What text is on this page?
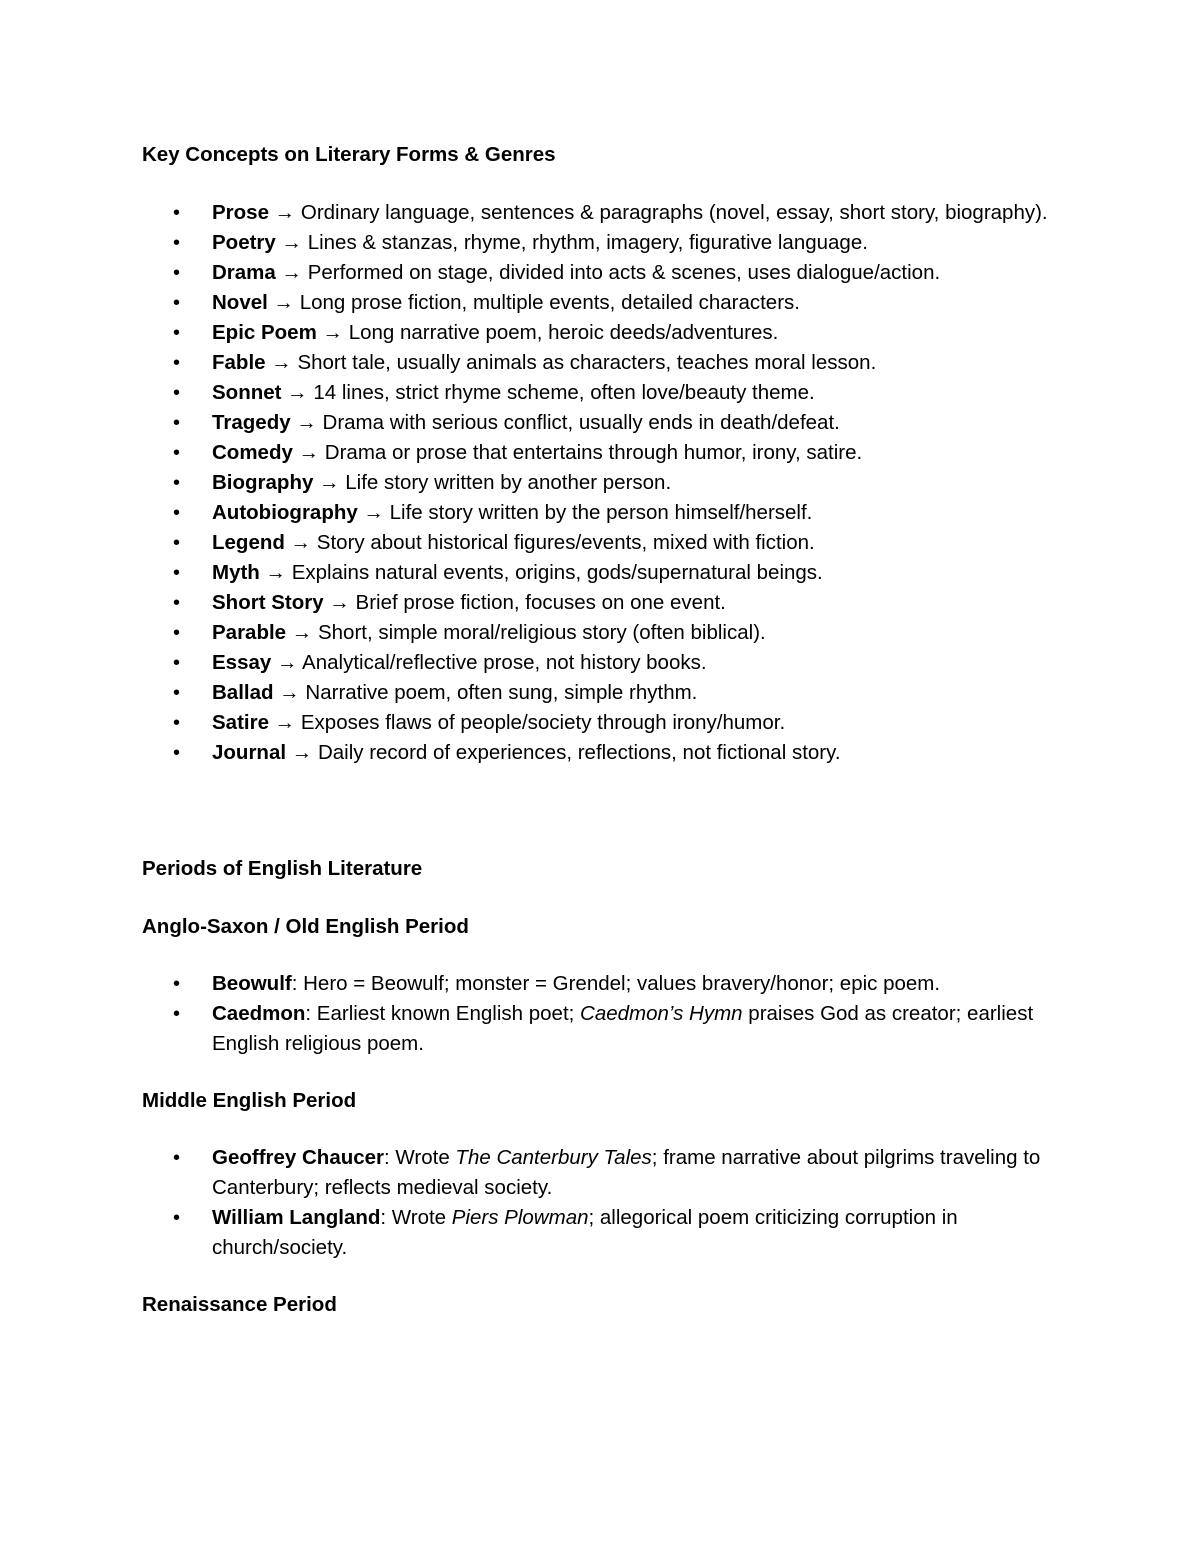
Key Concepts on Literary Forms & Genres
• Prose → Ordinary language, sentences & paragraphs (novel, essay, short story, biography).
• Poetry → Lines & stanzas, rhyme, rhythm, imagery, figurative language.
• Drama → Performed on stage, divided into acts & scenes, uses dialogue/action.
• Novel → Long prose fiction, multiple events, detailed characters.
• Epic Poem → Long narrative poem, heroic deeds/adventures.
• Fable → Short tale, usually animals as characters, teaches moral lesson.
• Sonnet → 14 lines, strict rhyme scheme, often love/beauty theme.
• Tragedy → Drama with serious conflict, usually ends in death/defeat.
• Comedy → Drama or prose that entertains through humor, irony, satire.
• Biography → Life story written by another person.
• Autobiography → Life story written by the person himself/herself.
• Legend → Story about historical figures/events, mixed with fiction.
• Myth → Explains natural events, origins, gods/supernatural beings.
• Short Story → Brief prose fiction, focuses on one event.
• Parable → Short, simple moral/religious story (often biblical).
• Essay → Analytical/reflective prose, not history books.
• Ballad → Narrative poem, often sung, simple rhythm.
• Satire → Exposes flaws of people/society through irony/humor.
• Journal → Daily record of experiences, reflections, not fictional story.
Periods of English Literature
Anglo-Saxon / Old English Period
• Beowulf: Hero = Beowulf; monster = Grendel; values bravery/honor; epic poem.
• Caedmon: Earliest known English poet; Caedmon’s Hymn praises God as creator; earliest English religious poem.
Middle English Period
• Geoffrey Chaucer: Wrote The Canterbury Tales; frame narrative about pilgrims traveling to Canterbury; reflects medieval society.
• William Langland: Wrote Piers Plowman; allegorical poem criticizing corruption in church/society.
Renaissance Period
